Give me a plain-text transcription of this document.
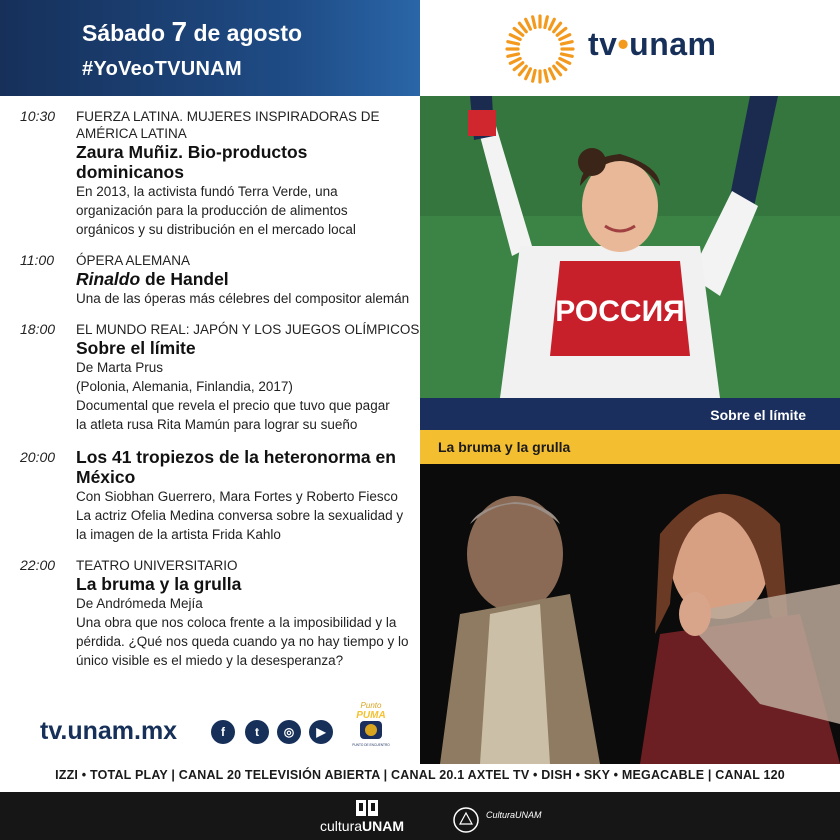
Sábado 7 de agosto
#YoVeoTVUNAM
tv•unam
10:30 FUERZA LATINA. MUJERES INSPIRADORAS DE AMÉRICA LATINA
Zaura Muñiz. Bio-productos dominicanos
En 2013, la activista fundó Terra Verde, una
organización para la producción de alimentos
orgánicos y su distribución en el mercado local
11:00 ÓPERA ALEMANA
Rinaldo de Handel
Una de las óperas más célebres del compositor alemán
18:00 EL MUNDO REAL: JAPÓN Y LOS JUEGOS OLÍMPICOS
Sobre el límite
De Marta Prus
(Polonia, Alemania, Finlandia, 2017)
Documental que revela el precio que tuvo que pagar
la atleta rusa Rita Mamún para lograr su sueño
20:00 Los 41 tropiezos de la heteronorma en México
Con Siobhan Guerrero, Mara Fortes y Roberto Fiesco
La actriz Ofelia Medina conversa sobre la sexualidad y
la imagen de la artista Frida Kahlo
22:00 TEATRO UNIVERSITARIO
La bruma y la grulla
De Andrómeda Mejía
Una obra que nos coloca frente a la imposibilidad y la
pérdida. ¿Qué nos queda cuando ya no hay tiempo y lo
único visible es el miedo y la desesperanza?
РОССИЯ
Sobre el límite
La bruma y la grulla
tv.unam.mx	f	t	◎	▶
Punto
PUMA
PUNTO DE ENCUENTRO
IZZI • TOTAL PLAY | CANAL 20 TELEVISIÓN ABIERTA | CANAL 20.1 AXTEL TV • DISH • SKY • MEGACABLE | CANAL 120
culturaUNAM
CulturaUNAM
